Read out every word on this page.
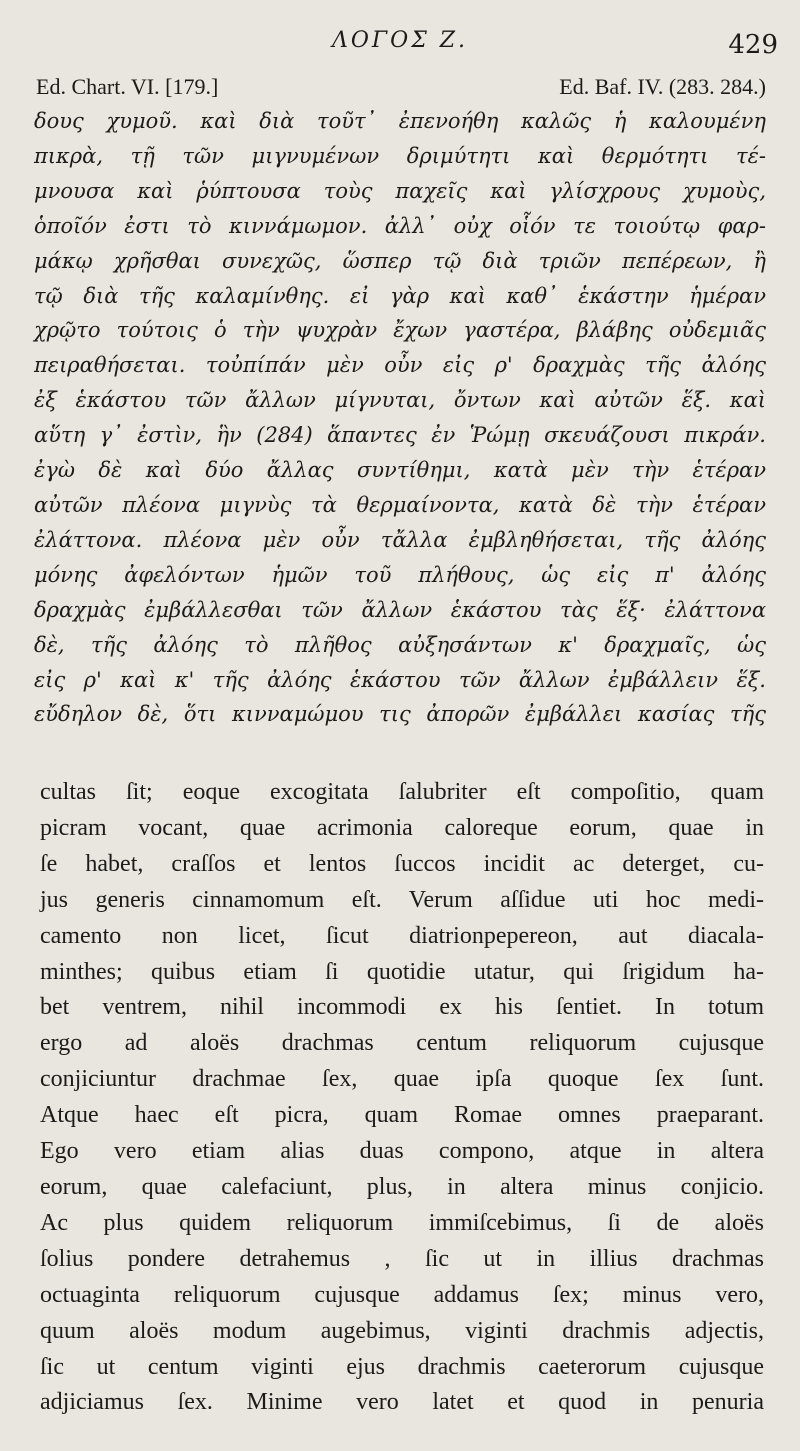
ΛΟΓΟΣ Ζ.	429
Ed. Chart. VI. [179.]	Ed. Baf. IV. (283. 284.)
δους χυμοῦ. καὶ διὰ τοῦτ᾽ ἐπενοήθη καλῶς ἡ καλουμένη
πικρὰ, τῇ τῶν μιγνυμένων δριμύτητι καὶ θερμότητι τέ-
μνουσα καὶ ῥύπτουσα τοὺς παχεῖς καὶ γλίσχρους χυμοὺς,
ὁποῖόν ἐστι τὸ κιννάμωμον. ἀλλ᾽ οὐχ οἷόν τε τοιούτῳ φαρ-
μάκῳ χρῆσθαι συνεχῶς, ὥσπερ τῷ διὰ τριῶν πεπέρεων, ἢ
τῷ διὰ τῆς καλαμίνθης. εἰ γὰρ καὶ καθ᾽ ἑκάστην ἡμέραν
χρῷτο τούτοις ὁ τὴν ψυχρὰν ἔχων γαστέρα, βλάβης οὐδεμιᾶς
πειραθήσεται. τοὐπίπάν μὲν οὖν εἰς ρ' δραχμὰς τῆς ἀλόης
ἐξ ἑκάστου τῶν ἄλλων μίγνυται, ὄντων καὶ αὐτῶν ἕξ. καὶ
αὕτη γ᾽ ἐστὶν, ἣν (284) ἅπαντες ἐν Ῥώμῃ σκευάζουσι πικράν.
ἐγὼ δὲ καὶ δύο ἄλλας συντίθημι, κατὰ μὲν τὴν ἑτέραν
αὐτῶν πλέονα μιγνὺς τὰ θερμαίνοντα, κατὰ δὲ τὴν ἑτέραν
ἐλάττονα. πλέονα μὲν οὖν τἄλλα ἐμβληθήσεται, τῆς ἀλόης
μόνης ἀφελόντων ἡμῶν τοῦ πλήθους, ὡς εἰς π' ἀλόης
δραχμὰς ἐμβάλλεσθαι τῶν ἄλλων ἑκάστου τὰς ἕξ· ἐλάττονα
δὲ, τῆς ἀλόης τὸ πλῆθος αὐξησάντων κ' δραχμαῖς, ὡς
εἰς ρ' καὶ κ' τῆς ἀλόης ἑκάστου τῶν ἄλλων ἐμβάλλειν ἕξ.
εὔδηλον δὲ, ὅτι κινναμώμου τις ἀπορῶν ἐμβάλλει κασίας τῆς
cultas ſit; eoque excogitata ſalubriter eſt compoſitio, quam
picram vocant, quae acrimonia caloreque eorum, quae in
ſe habet, craſſos et lentos ſuccos incidit ac deterget, cu-
jus generis cinnamomum eſt. Verum aſſidue uti hoc medi-
camento non licet, ſicut diatrionpepereon, aut diacala-
minthes; quibus etiam ſi quotidie utatur, qui ſrigidum ha-
bet ventrem, nihil incommodi ex his ſentiet. In totum
ergo ad aloës drachmas centum reliquorum cujusque
conjiciuntur drachmae ſex, quae ipſa quoque ſex ſunt.
Atque haec eſt picra, quam Romae omnes praeparant.
Ego vero etiam alias duas compono, atque in altera
eorum, quae calefaciunt, plus, in altera minus conjicio.
Ac plus quidem reliquorum immiſcebimus, ſi de aloës
ſolius pondere detrahemus , ſic ut in illius drachmas
octuaginta reliquorum cujusque addamus ſex; minus vero,
quum aloës modum augebimus, viginti drachmis adjectis,
ſic ut centum viginti ejus drachmis caeterorum cujusque
adjiciamus ſex. Minime vero latet et quod in penuria
